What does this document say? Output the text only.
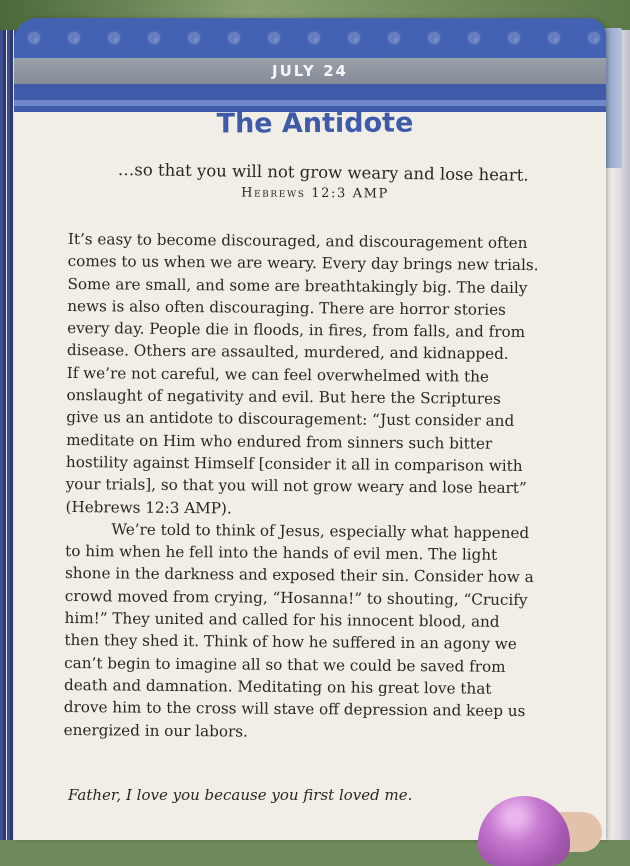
JULY 24
The Antidote

…so that you will not grow weary and lose heart.

Hebrews 12:3 AMP

It’s easy to become discouraged, and discouragement often
comes to us when we are weary. Every day brings new trials.
Some are small, and some are breathtakingly big. The daily
news is also often discouraging. There are horror stories
every day. People die in floods, in fires, from falls, and from
disease. Others are assaulted, murdered, and kidnapped.
If we’re not careful, we can feel overwhelmed with the
onslaught of negativity and evil. But here the Scriptures
give us an antidote to discouragement: “Just consider and
meditate on Him who endured from sinners such bitter
hostility against Himself [consider it all in comparison with
your trials], so that you will not grow weary and lose heart”
(Hebrews 12:3 AMP).
We’re told to think of Jesus, especially what happened
to him when he fell into the hands of evil men. The light
shone in the darkness and exposed their sin. Consider how a
crowd moved from crying, “Hosanna!” to shouting, “Crucify
him!” They united and called for his innocent blood, and
then they shed it. Think of how he suffered in an agony we
can’t begin to imagine all so that we could be saved from
death and damnation. Meditating on his great love that
drove him to the cross will stave off depression and keep us
energized in our labors.

Father, I love you because you first loved me.
